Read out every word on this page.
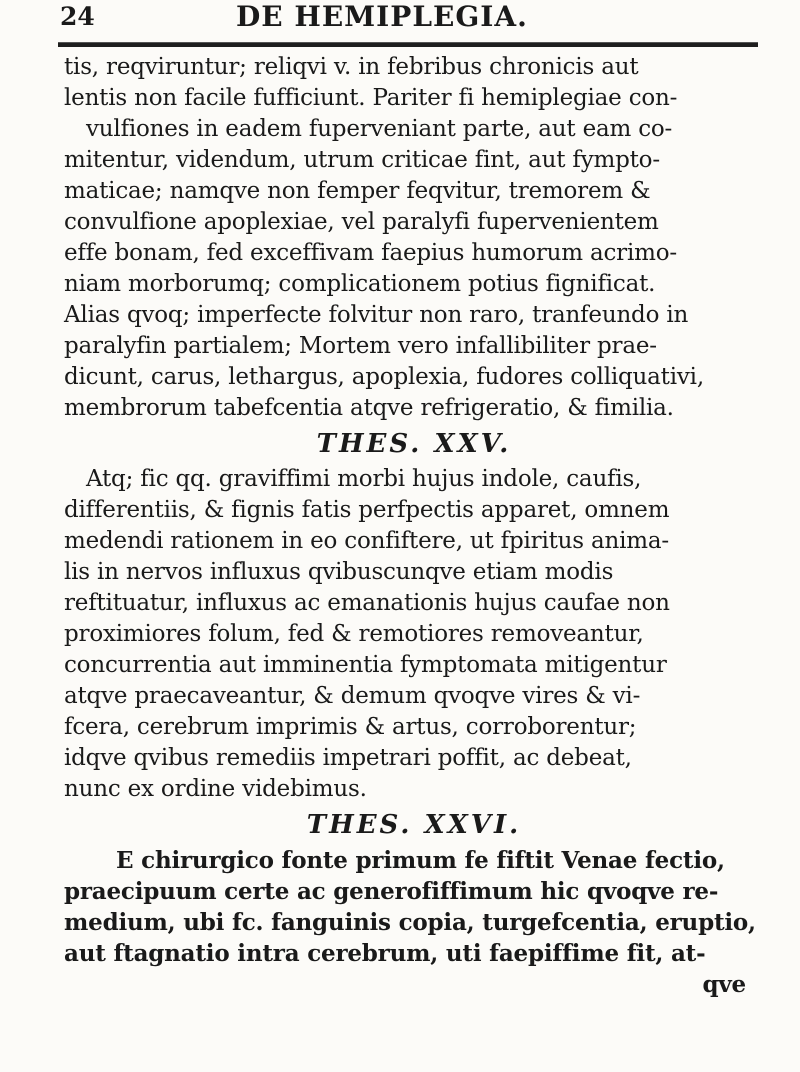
24	DE HEMIPLEGIA.
tis, reqviruntur; reliqvi v. in febribus chronicis aut
lentis non facile fufficiunt. Pariter fi hemiplegiae con-
vulfiones in eadem fuperveniant parte, aut eam co-
mitentur, videndum, utrum criticae fint, aut fympto-
maticae; namqve non femper feqvitur, tremorem &
convulfione apoplexiae, vel paralyfi fupervenientem
effe bonam, fed exceffivam faepius humorum acrimo-
niam morborumq; complicationem potius fignificat.
Alias qvoq; imperfecte folvitur non raro, tranfeundo in
paralyfin partialem; Mortem vero infallibiliter prae-
dicunt, carus, lethargus, apoplexia, fudores colliquativi,
membrorum tabefcentia atqve refrigeratio, & fimilia.
THES. XXV.
Atq; fic qq. graviffimi morbi hujus indole, caufis,
differentiis, & fignis fatis perfpectis apparet, omnem
medendi rationem in eo confiftere, ut fpiritus anima-
lis in nervos influxus qvibuscunqve etiam modis
reftituatur, influxus ac emanationis hujus caufae non
proximiores folum, fed & remotiores removeantur,
concurrentia aut imminentia fymptomata mitigentur
atqve praecaveantur, & demum qvoqve vires & vi-
fcera, cerebrum imprimis & artus, corroborentur;
idqve qvibus remediis impetrari poffit, ac debeat,
nunc ex ordine videbimus.
THES. XXVI.
E chirurgico fonte primum fe fiftit Venae fectio,
praecipuum certe ac generofiffimum hic qvoqve re-
medium, ubi fc. fanguinis copia, turgefcentia, eruptio,
aut ftagnatio intra cerebrum, uti faepiffime fit, at-
qve
